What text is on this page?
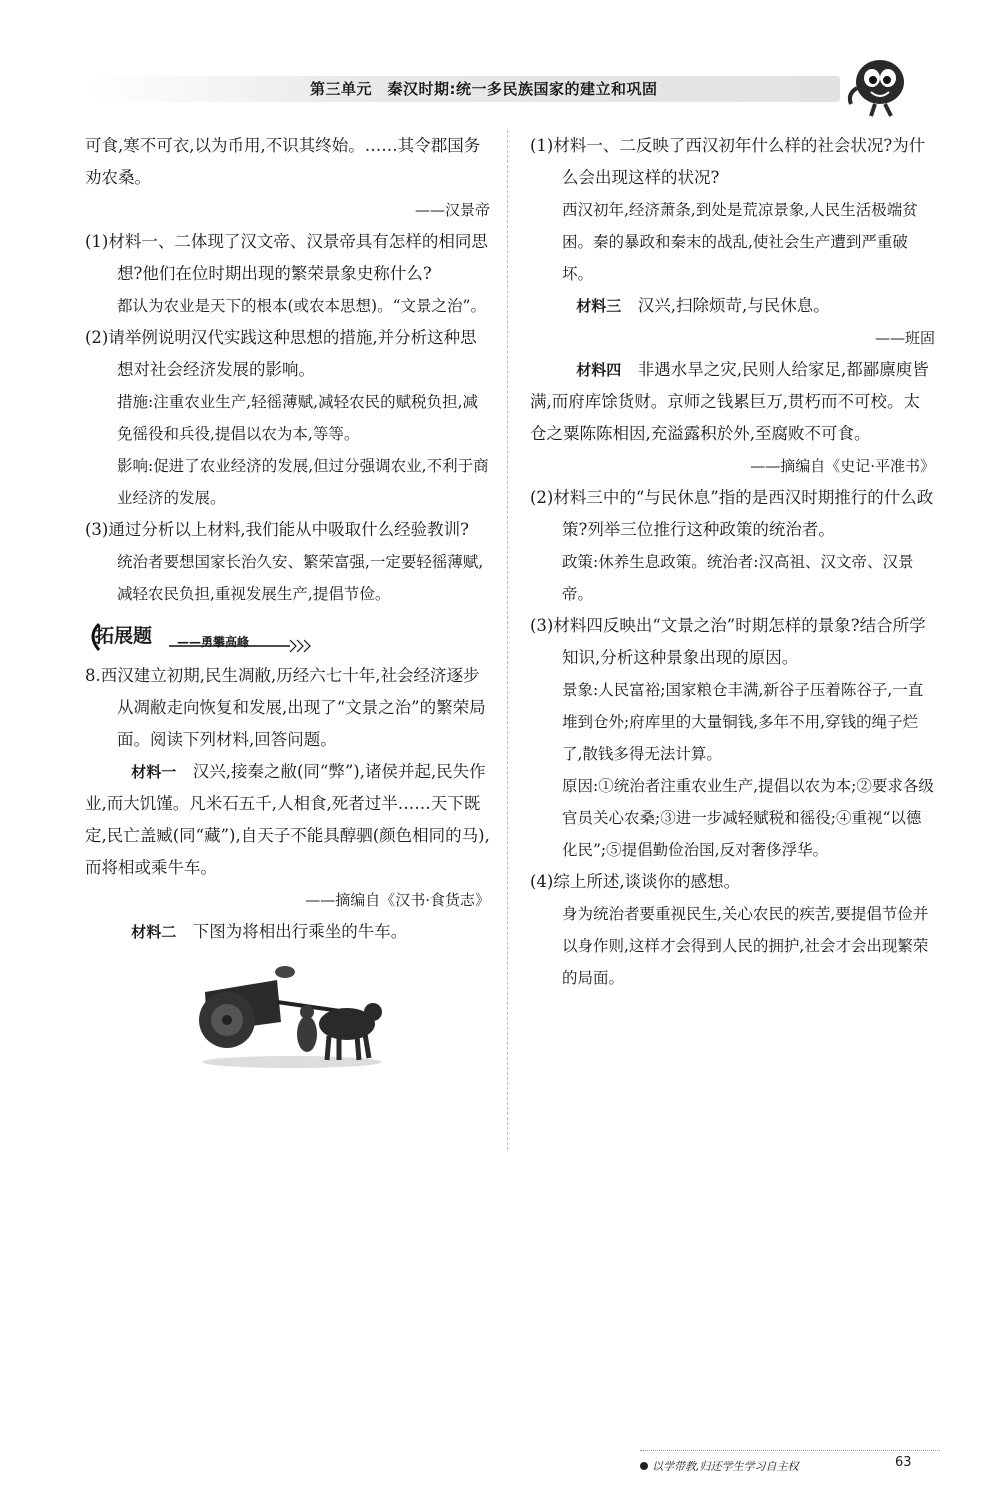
第三单元　秦汉时期:统一多民族国家的建立和巩固

可食,寒不可衣,以为币用,不识其终始。……其令郡国务劝农桑。

——汉景帝

(1)材料一、二体现了汉文帝、汉景帝具有怎样的相同思想?他们在位时期出现的繁荣景象史称什么?

都认为农业是天下的根本(或农本思想)。“文景之治”。

(2)请举例说明汉代实践这种思想的措施,并分析这种思想对社会经济发展的影响。

措施:注重农业生产,轻徭薄赋,减轻农民的赋税负担,减免徭役和兵役,提倡以农为本,等等。

影响:促进了农业经济的发展,但过分强调农业,不利于商业经济的发展。

(3)通过分析以上材料,我们能从中吸取什么经验教训?

统治者要想国家长治久安、繁荣富强,一定要轻徭薄赋,减轻农民负担,重视发展生产,提倡节俭。

拓展题 ——勇攀高峰

8.西汉建立初期,民生凋敝,历经六七十年,社会经济逐步从凋敝走向恢复和发展,出现了“文景之治”的繁荣局面。阅读下列材料,回答问题。

材料一　 汉兴,接秦之敝(同“弊”),诸侯并起,民失作业,而大饥馑。凡米石五千,人相食,死者过半……天下既定,民亡盖臧(同“藏”),自天子不能具醇驷(颜色相同的马),而将相或乘牛车。

——摘编自《汉书·食货志》

材料二　 下图为将相出行乘坐的牛车。

(1)材料一、二反映了西汉初年什么样的社会状况?为什么会出现这样的状况?

西汉初年,经济萧条,到处是荒凉景象,人民生活极端贫困。秦的暴政和秦末的战乱,使社会生产遭到严重破坏。

材料三　 汉兴,扫除烦苛,与民休息。

——班固

材料四　 非遇水旱之灾,民则人给家足,都鄙廪庾皆满,而府库馀货财。京师之钱累巨万,贯朽而不可校。太仓之粟陈陈相因,充溢露积於外,至腐败不可食。

——摘编自《史记·平准书》

(2)材料三中的“与民休息”指的是西汉时期推行的什么政策?列举三位推行这种政策的统治者。

政策:休养生息政策。统治者:汉高祖、汉文帝、汉景帝。

(3)材料四反映出“文景之治”时期怎样的景象?结合所学知识,分析这种景象出现的原因。

景象:人民富裕;国家粮仓丰满,新谷子压着陈谷子,一直堆到仓外;府库里的大量铜钱,多年不用,穿钱的绳子烂了,散钱多得无法计算。

原因:①统治者注重农业生产,提倡以农为本;②要求各级官员关心农桑;③进一步减轻赋税和徭役;④重视“以德化民”;⑤提倡勤俭治国,反对奢侈浮华。

(4)综上所述,谈谈你的感想。

身为统治者要重视民生,关心农民的疾苦,要提倡节俭并以身作则,这样才会得到人民的拥护,社会才会出现繁荣的局面。

以学带教,归还学生学习自主权	63
